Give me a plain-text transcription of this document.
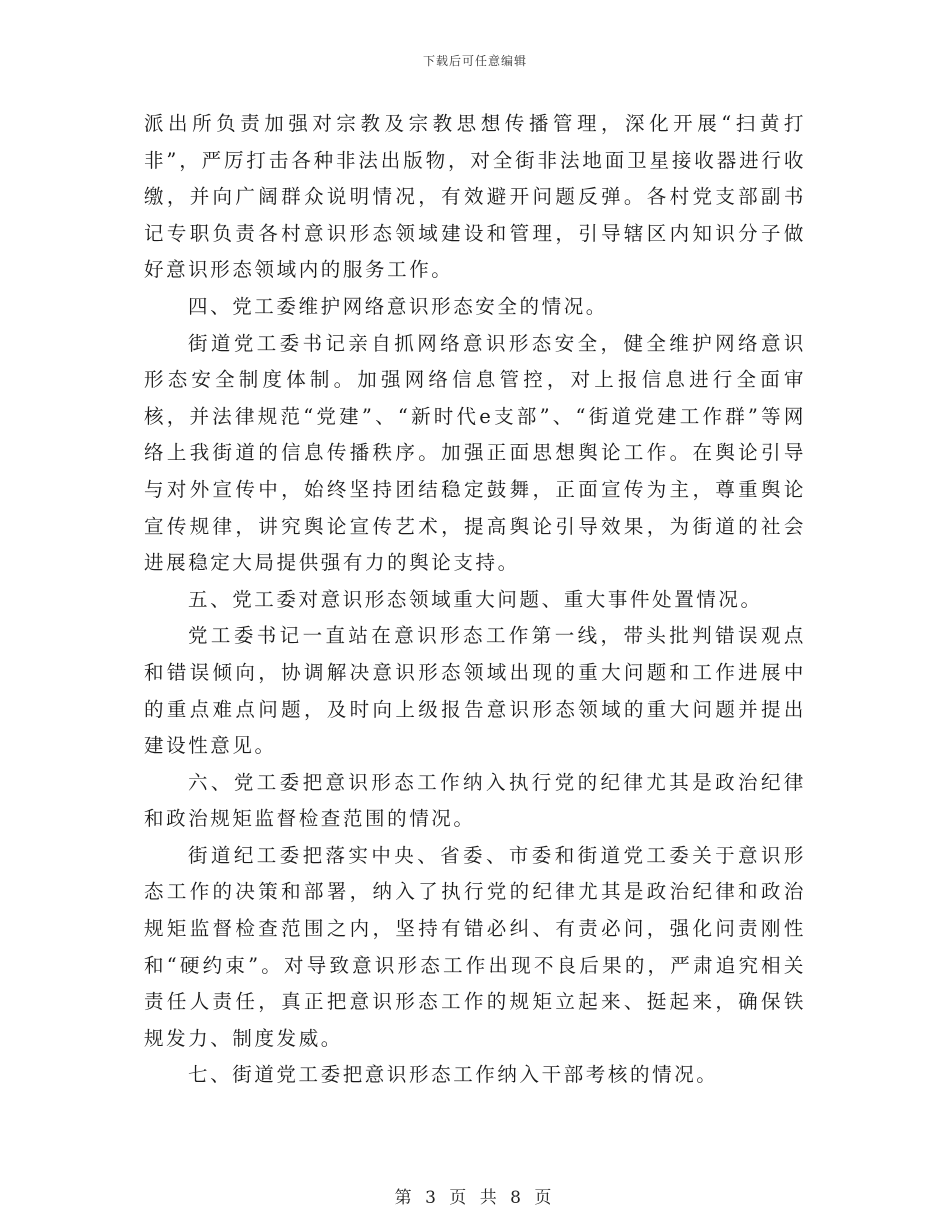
下载后可任意编辑

派出所负责加强对宗教及宗教思想传播管理，深化开展“扫黄打非”，严厉打击各种非法出版物，对全街非法地面卫星接收器进行收缴，并向广阔群众说明情况，有效避开问题反弹。各村党支部副书记专职负责各村意识形态领域建设和管理，引导辖区内知识分子做好意识形态领域内的服务工作。

四、党工委维护网络意识形态安全的情况。

街道党工委书记亲自抓网络意识形态安全，健全维护网络意识形态安全制度体制。加强网络信息管控，对上报信息进行全面审核，并法律规范“党建”、“新时代e支部”、“街道党建工作群”等网络上我街道的信息传播秩序。加强正面思想舆论工作。在舆论引导与对外宣传中，始终坚持团结稳定鼓舞，正面宣传为主，尊重舆论宣传规律，讲究舆论宣传艺术，提高舆论引导效果，为街道的社会进展稳定大局提供强有力的舆论支持。

五、党工委对意识形态领域重大问题、重大事件处置情况。

党工委书记一直站在意识形态工作第一线，带头批判错误观点和错误倾向，协调解决意识形态领域出现的重大问题和工作进展中的重点难点问题，及时向上级报告意识形态领域的重大问题并提出建设性意见。

六、党工委把意识形态工作纳入执行党的纪律尤其是政治纪律和政治规矩监督检查范围的情况。

街道纪工委把落实中央、省委、市委和街道党工委关于意识形态工作的决策和部署，纳入了执行党的纪律尤其是政治纪律和政治规矩监督检查范围之内，坚持有错必纠、有责必问，强化问责刚性和“硬约束”。对导致意识形态工作出现不良后果的，严肃追究相关责任人责任，真正把意识形态工作的规矩立起来、挺起来，确保铁规发力、制度发威。

七、街道党工委把意识形态工作纳入干部考核的情况。

第 3 页 共 8 页
